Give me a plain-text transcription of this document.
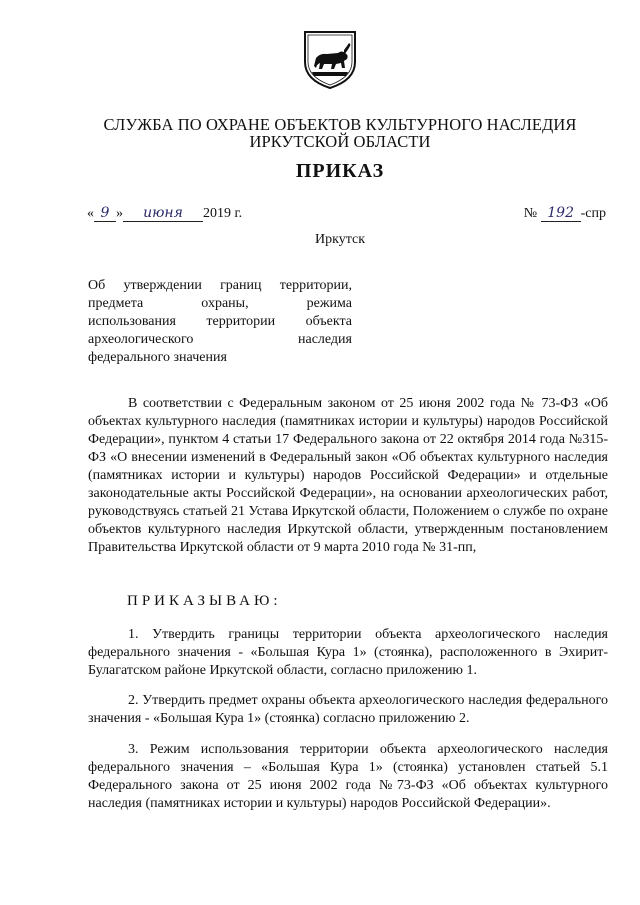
СЛУЖБА ПО ОХРАНЕ ОБЪЕКТОВ КУЛЬТУРНОГО НАСЛЕДИЯ
ИРКУТСКОЙ ОБЛАСТИ
ПРИКАЗ
« 9 » июня 2019 г.	№ 192 -спр
Иркутск
Об утверждении границ территории,
предмета охраны, режима
использования территории объекта
археологического наследия
федерального значения

В соответствии с Федеральным законом от 25 июня 2002 года № 73-ФЗ «Об объектах культурного наследия (памятниках истории и культуры) народов Российской Федерации», пунктом 4 статьи 17 Федерального закона от 22 октября 2014 года №315-ФЗ «О внесении изменений в Федеральный закон «Об объектах культурного наследия (памятниках истории и культуры) народов Российской Федерации» и отдельные законодательные акты Российской Федерации», на основании археологических работ, руководствуясь статьей 21 Устава Иркутской области, Положением о службе по охране объектов культурного наследия Иркутской области, утвержденным постановлением Правительства Иркутской области от 9 марта 2010 года № 31-пп,

ПРИКАЗЫВАЮ:

1. Утвердить границы территории объекта археологического наследия федерального значения - «Большая Кура 1» (стоянка), расположенного в Эхирит-Булагатском районе Иркутской области, согласно приложению 1.

2. Утвердить предмет охраны объекта археологического наследия федерального значения - «Большая Кура 1» (стоянка) согласно приложению 2.

3. Режим использования территории объекта археологического наследия федерального значения – «Большая Кура 1» (стоянка) установлен статьей 5.1 Федерального закона от 25 июня 2002 года №73-ФЗ «Об объектах культурного наследия (памятниках истории и культуры) народов Российской Федерации».
